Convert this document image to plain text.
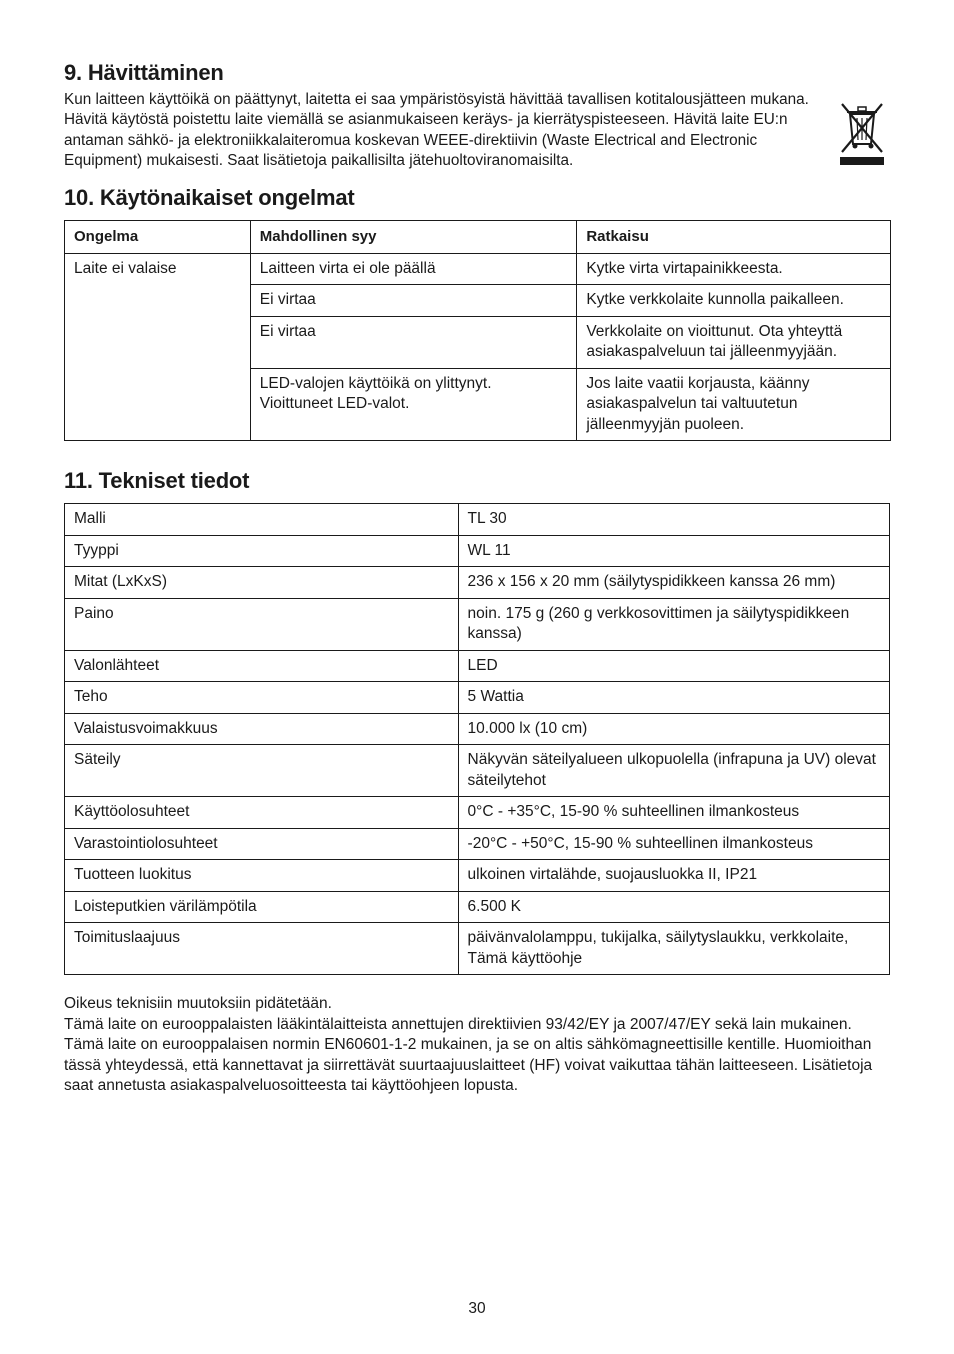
9. Hävittäminen

Kun laitteen käyttöikä on päättynyt, laitetta ei saa ympäristösyistä hävittää tavallisen kotitalousjätteen mukana. Hävitä käytöstä poistettu laite viemällä se asianmukaiseen keräys- ja kierrätyspisteeseen. Hävitä laite EU:n antaman sähkö- ja elektroniikkalaiteromua koskevan WEEE-direktiivin (Waste Electrical and Electronic Equipment) mukaisesti. Saat lisätietoja paikallisilta jätehuoltoviranomaisilta.

10. Käytönaikaiset ongelmat
Ongelma	Mahdollinen syy	Ratkaisu
Laite ei valaise	Laitteen virta ei ole päällä	Kytke virta virtapainikkeesta.
	Ei virtaa	Kytke verkkolaite kunnolla paikalleen.
	Ei virtaa	Verkkolaite on vioittunut. Ota yhteyttä asiakaspalveluun tai jälleenmyyjään.
	LED-valojen käyttöikä on ylittynyt. Vioittuneet LED-valot.	Jos laite vaatii korjausta, käänny asiakaspalvelun tai valtuutetun jälleenmyyjän puoleen.
11. Tekniset tiedot
Malli	TL 30
Tyyppi	WL 11
Mitat (LxKxS)	236 x 156 x 20 mm (säilytyspidikkeen kanssa 26 mm)
Paino	noin. 175 g (260 g verkkosovittimen ja säilytyspidikkeen kanssa)
Valonlähteet	LED
Teho	5 Wattia
Valaistusvoimakkuus	10.000 lx (10 cm)
Säteily	Näkyvän säteilyalueen ulkopuolella (infrapuna ja UV) olevat säteilytehot
Käyttöolosuhteet	0°C - +35°C, 15-90 % suhteellinen ilmankosteus
Varastointiolosuhteet	-20°C - +50°C, 15-90 % suhteellinen ilmankosteus
Tuotteen luokitus	ulkoinen virtalähde, suojausluokka II, IP21
Loisteputkien värilämpötila	6.500 K
Toimituslaajuus	päivänvalolamppu, tukijalka, säilytyslaukku, verkkolaite, Tämä käyttöohje

Oikeus teknisiin muutoksiin pidätetään.

Tämä laite on eurooppalaisten lääkintälaitteista annettujen direktiivien 93/42/EY ja 2007/47/EY sekä lain mukainen.

Tämä laite on eurooppalaisen normin EN60601-1-2 mukainen, ja se on altis sähkömagneettisille kentille. Huomioithan tässä yhteydessä, että kannettavat ja siirrettävät suurtaajuuslaitteet (HF) voivat vaikuttaa tähän laitteeseen. Lisätietoja saat annetusta asiakaspalveluosoitteesta tai käyttöohjeen lopusta.

30
